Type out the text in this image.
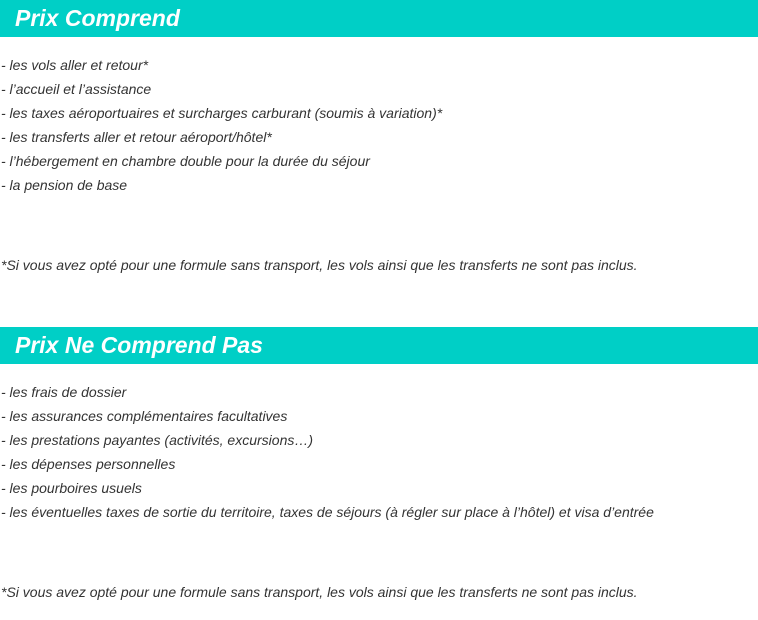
Prix Comprend
- les vols aller et retour*
- l’accueil et l’assistance
- les taxes aéroportuaires et surcharges carburant (soumis à variation)*
- les transferts aller et retour aéroport/hôtel*
- l’hébergement en chambre double pour la durée du séjour
- la pension de base
*Si vous avez opté pour une formule sans transport, les vols ainsi que les transferts ne sont pas inclus.
Prix Ne Comprend Pas
- les frais de dossier
- les assurances complémentaires facultatives
- les prestations payantes (activités, excursions…)
- les dépenses personnelles
- les pourboires usuels
- les éventuelles taxes de sortie du territoire, taxes de séjours (à régler sur place à l’hôtel) et visa d’entrée
*Si vous avez opté pour une formule sans transport, les vols ainsi que les transferts ne sont pas inclus.
